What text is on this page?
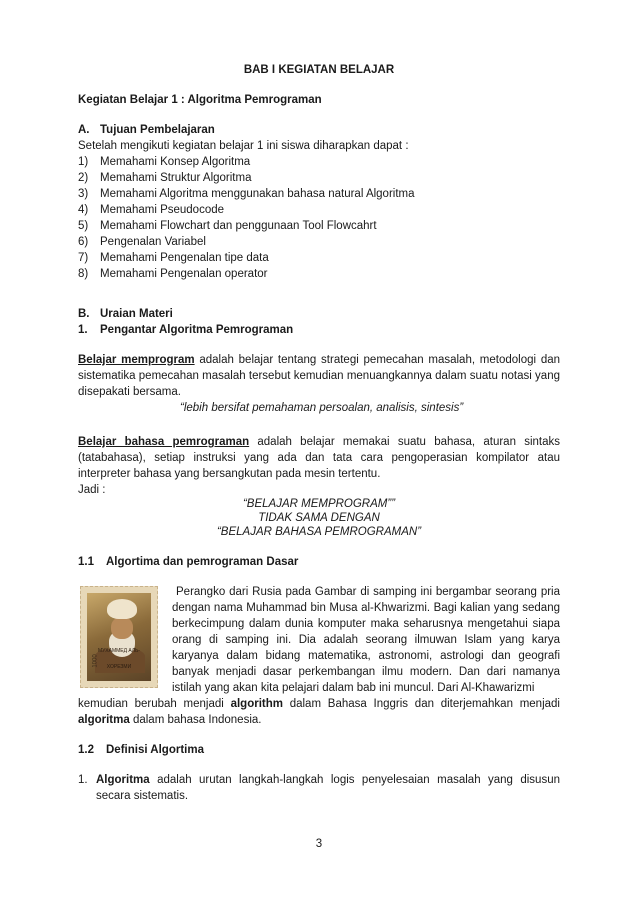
BAB I KEGIATAN BELAJAR
Kegiatan Belajar 1 : Algoritma Pemrograman
A. Tujuan Pembelajaran
Setelah mengikuti kegiatan belajar 1 ini siswa diharapkan dapat :
1) Memahami Konsep Algoritma
2) Memahami Struktur Algoritma
3) Memahami Algoritma menggunakan bahasa natural Algoritma
4) Memahami Pseudocode
5) Memahami Flowchart dan penggunaan Tool Flowcahrt
6) Pengenalan Variabel
7) Memahami Pengenalan tipe data
8) Memahami Pengenalan operator
B. Uraian Materi
1. Pengantar Algoritma Pemrograman

Belajar memprogram adalah belajar tentang strategi pemecahan masalah, metodologi dan sistematika pemecahan masalah tersebut kemudian menuangkannya dalam suatu notasi yang disepakati bersama.

“lebih bersifat pemahaman persoalan, analisis, sintesis”

Belajar bahasa pemrograman adalah belajar memakai suatu bahasa, aturan sintaks (tatabahasa), setiap instruksi yang ada dan tata cara pengoperasian kompilator atau interpreter bahasa yang bersangkutan pada mesin tertentu.

Jadi :
“BELAJAR MEMPROGRAM””
TIDAK SAMA DENGAN
“BELAJAR BAHASA PEMROGRAMAN”
1.1 Algortima dan pemrograman Dasar
1000
МУХАММЕД АЛЬ-ХОРЕЗМИ

Perangko dari Rusia pada Gambar di samping ini bergambar seorang pria dengan nama Muhammad bin Musa al-Khwarizmi. Bagi kalian yang sedang berkecimpung dalam dunia komputer maka seharusnya mengetahui siapa orang di samping ini. Dia adalah seorang ilmuwan Islam yang karya karyanya dalam bidang matematika, astronomi, astrologi dan geografi banyak menjadi dasar perkembangan ilmu modern. Dan dari namanya istilah yang akan kita pelajari dalam bab ini muncul. Dari Al-Khawarizmi

kemudian berubah menjadi algorithm dalam Bahasa Inggris dan diterjemahkan menjadi algoritma dalam bahasa Indonesia.

1.2 Definisi Algortima
1. Algoritma adalah urutan langkah-langkah logis penyelesaian masalah yang disusun secara sistematis.

3
